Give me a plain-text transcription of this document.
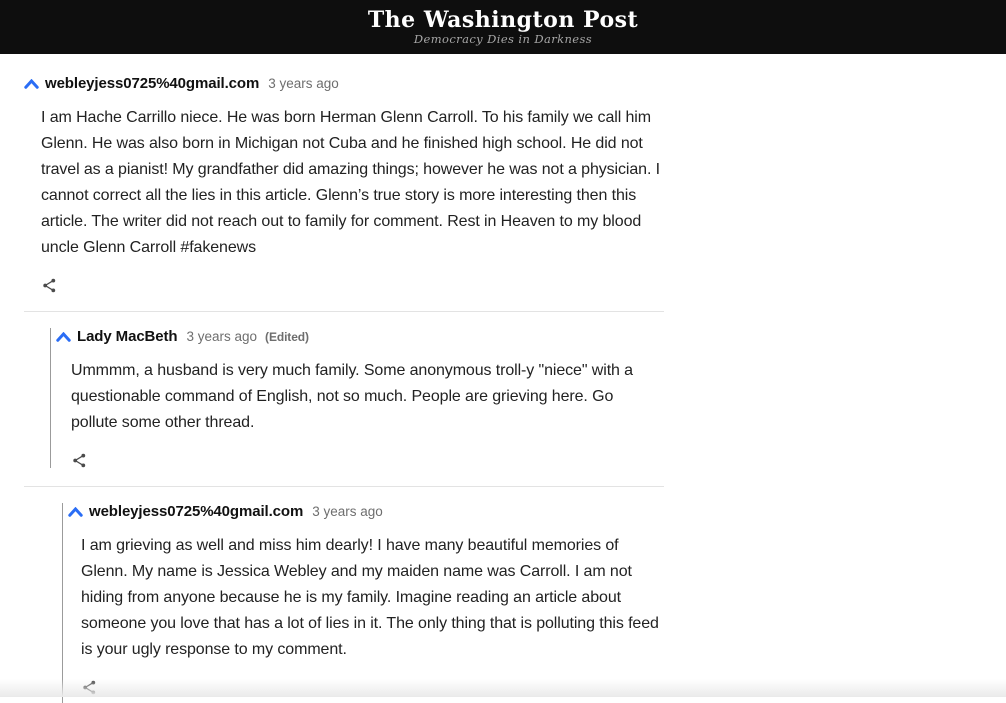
The Washington Post
Democracy Dies in Darkness
webleyjess0725%40gmail.com 3 years ago

I am Hache Carrillo niece. He was born Herman Glenn Carroll. To his family we call him Glenn. He was also born in Michigan not Cuba and he finished high school. He did not travel as a pianist! My grandfather did amazing things; however he was not a physician. I cannot correct all the lies in this article. Glenn’s true story is more interesting then this article. The writer did not reach out to family for comment. Rest in Heaven to my blood uncle Glenn Carroll #fakenews

Lady MacBeth 3 years ago (Edited)

Ummmm, a husband is very much family. Some anonymous troll-y "niece" with a questionable command of English, not so much. People are grieving here. Go pollute some other thread.

webleyjess0725%40gmail.com 3 years ago

I am grieving as well and miss him dearly! I have many beautiful memories of Glenn. My name is Jessica Webley and my maiden name was Carroll. I am not hiding from anyone because he is my family. Imagine reading an article about someone you love that has a lot of lies in it. The only thing that is polluting this feed is your ugly response to my comment.
